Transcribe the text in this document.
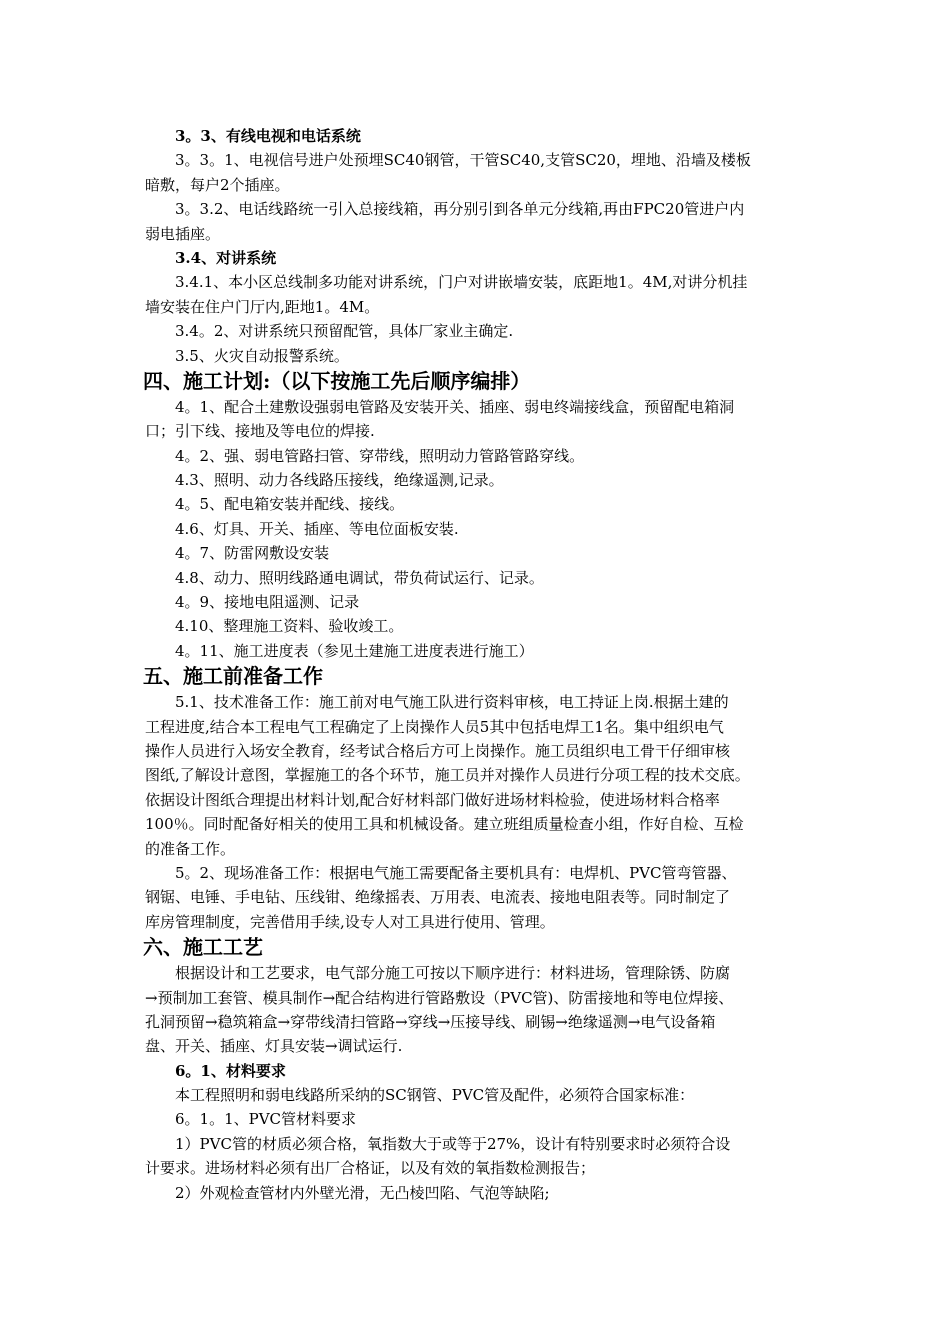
3。3、有线电视和电话系统
3。3。1、电视信号进户处预埋SC40钢管，干管SC40,支管SC20，埋地、沿墙及楼板
暗敷，每户2个插座。
3。3.2、电话线路统一引入总接线箱，再分别引到各单元分线箱,再由FPC20管进户内
弱电插座。
3.4、对讲系统
3.4.1、本小区总线制多功能对讲系统，门户对讲嵌墙安装，底距地1。4M,对讲分机挂
墙安装在住户门厅内,距地1。4M。
3.4。2、对讲系统只预留配管，具体厂家业主确定.
3.5、火灾自动报警系统。
四、施工计划:（以下按施工先后顺序编排）
4。1、配合土建敷设强弱电管路及安装开关、插座、弱电终端接线盒，预留配电箱洞
口；引下线、接地及等电位的焊接.
4。2、强、弱电管路扫管、穿带线，照明动力管路管路穿线。
4.3、照明、动力各线路压接线，绝缘遥测,记录。
4。5、配电箱安装并配线、接线。
4.6、灯具、开关、插座、等电位面板安装.
4。7、防雷网敷设安装
4.8、动力、照明线路通电调试，带负荷试运行、记录。
4。9、接地电阻遥测、记录
4.10、整理施工资料、验收竣工。
4。11、施工进度表（参见土建施工进度表进行施工）
五、施工前准备工作
5.1、技术准备工作：施工前对电气施工队进行资料审核，电工持证上岗.根据土建的
工程进度,结合本工程电气工程确定了上岗操作人员5其中包括电焊工1名。集中组织电气
操作人员进行入场安全教育，经考试合格后方可上岗操作。施工员组织电工骨干仔细审核
图纸,了解设计意图，掌握施工的各个环节，施工员并对操作人员进行分项工程的技术交底。
依据设计图纸合理提出材料计划,配合好材料部门做好进场材料检验，使进场材料合格率
100％。同时配备好相关的使用工具和机械设备。建立班组质量检查小组，作好自检、互检
的准备工作。
5。2、现场准备工作：根据电气施工需要配备主要机具有：电焊机、PVC管弯管器、
钢锯、电锤、手电钻、压线钳、绝缘摇表、万用表、电流表、接地电阻表等。同时制定了
库房管理制度，完善借用手续,设专人对工具进行使用、管理。
六、施工工艺
根据设计和工艺要求，电气部分施工可按以下顺序进行：材料进场，管理除锈、防腐
→预制加工套管、模具制作→配合结构进行管路敷设（PVC管)、防雷接地和等电位焊接、
孔洞预留→稳筑箱盒→穿带线清扫管路→穿线→压接导线、刷锡→绝缘遥测→电气设备箱
盘、开关、插座、灯具安装→调试运行.
6。1、材料要求
本工程照明和弱电线路所采纳的SC钢管、PVC管及配件，必须符合国家标准：
6。1。1、PVC管材料要求
1）PVC管的材质必须合格，氧指数大于或等于27%，设计有特别要求时必须符合设
计要求。进场材料必须有出厂合格证，以及有效的氧指数检测报告；
2）外观检查管材内外壁光滑，无凸棱凹陷、气泡等缺陷;
